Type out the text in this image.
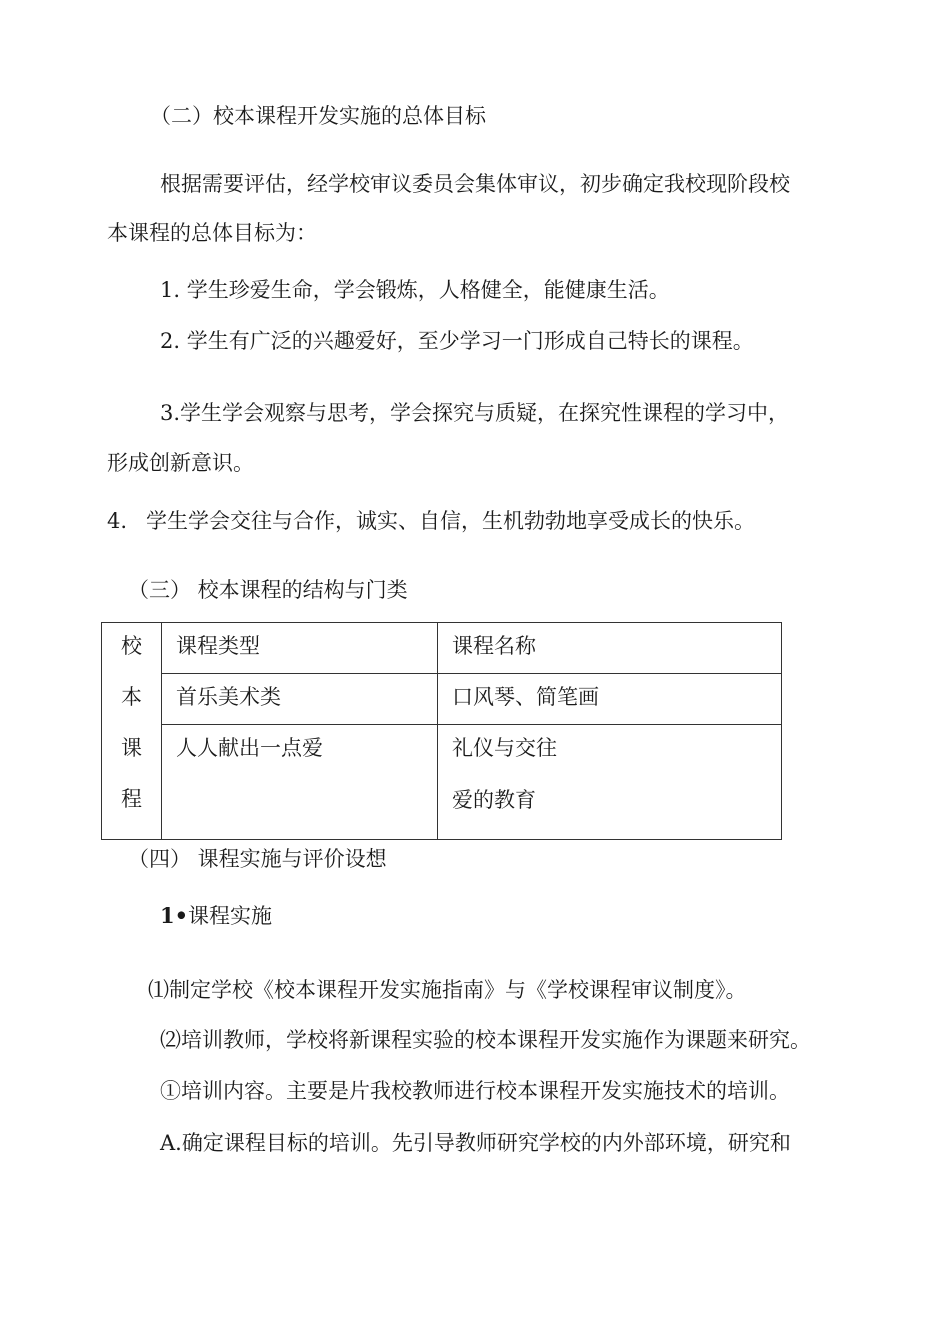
（二）校本课程开发实施的总体目标
根据需要评估，经学校审议委员会集体审议，初步确定我校现阶段校
本课程的总体目标为：
1. 学生珍爱生命，学会锻炼，人格健全，能健康生活。
2. 学生有广泛的兴趣爱好，至少学习一门形成自己特长的课程。
3.学生学会观察与思考，学会探究与质疑，在探究性课程的学习中，
形成创新意识。
4. 学生学会交往与合作，诚实、自信，生机勃勃地享受成长的快乐。
（三） 校本课程的结构与门类
校
本
课
程	课程类型	课程名称

	首乐美术类	口风琴、简笔画

	人人献出一点爱	礼仪与交往
爱的教育
（四） 课程实施与评价设想
1•课程实施
⑴制定学校《校本课程开发实施指南》与《学校课程审议制度》。
⑵培训教师，学校将新课程实验的校本课程开发实施作为课题来研究。
①培训内容。主要是片我校教师进行校本课程开发实施技术的培训。
A.确定课程目标的培训。先引导教师研究学校的内外部环境，研究和
